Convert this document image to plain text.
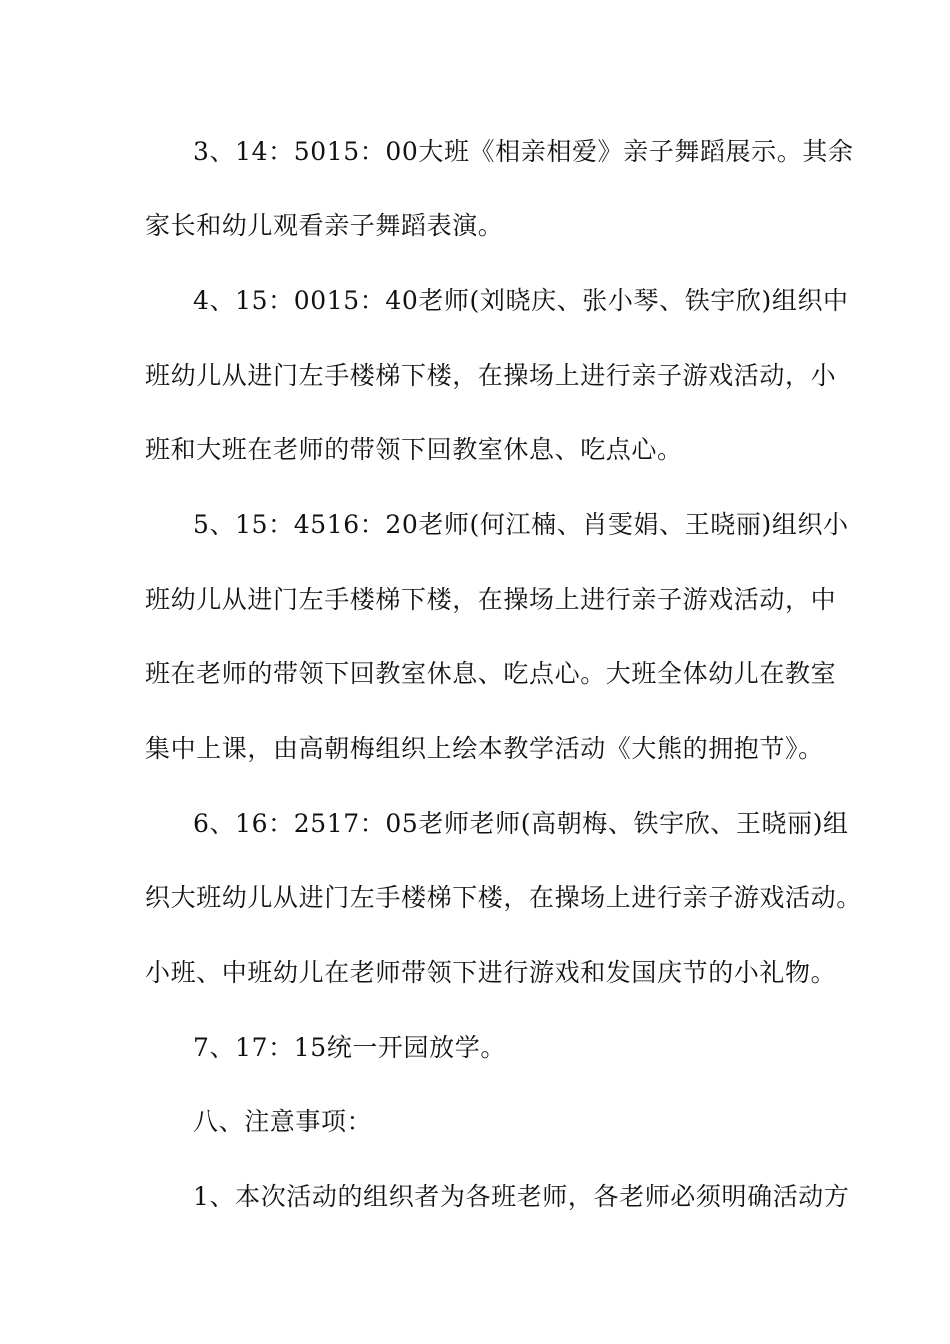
3、14：5015：00大班《相亲相爱》亲子舞蹈展示。其余
家长和幼儿观看亲子舞蹈表演。
4、15：0015：40老师(刘晓庆、张小琴、铁宇欣)组织中
班幼儿从进门左手楼梯下楼，在操场上进行亲子游戏活动，小
班和大班在老师的带领下回教室休息、吃点心。
5、15：4516：20老师(何江楠、肖雯娟、王晓丽)组织小
班幼儿从进门左手楼梯下楼，在操场上进行亲子游戏活动，中
班在老师的带领下回教室休息、吃点心。大班全体幼儿在教室
集中上课，由高朝梅组织上绘本教学活动《大熊的拥抱节》。
6、16：2517：05老师老师(高朝梅、铁宇欣、王晓丽)组
织大班幼儿从进门左手楼梯下楼，在操场上进行亲子游戏活动。
小班、中班幼儿在老师带领下进行游戏和发国庆节的小礼物。
7、17：15统一开园放学。
八、注意事项：
1、本次活动的组织者为各班老师，各老师必须明确活动方
